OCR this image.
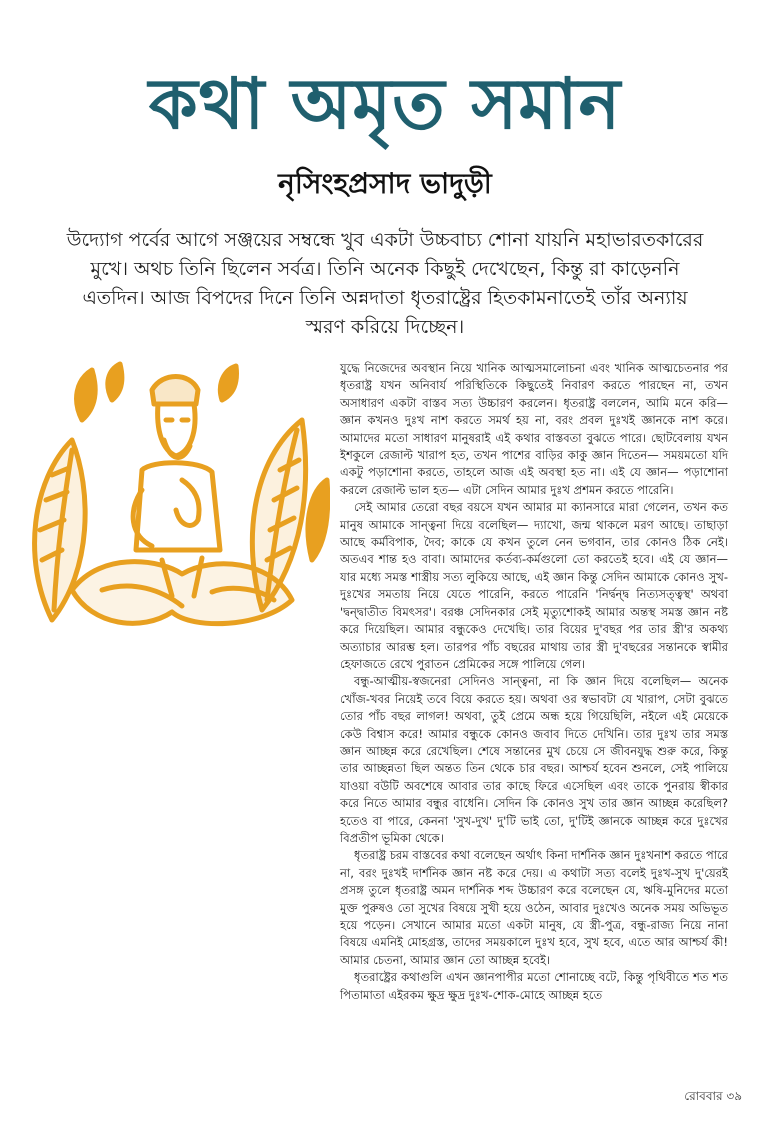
কথা অমৃত সমান
নৃসিংহপ্রসাদ ভাদুড়ী
উদ্যোগ পর্বের আগে সঞ্জয়ের সম্বন্ধে খুব একটা উচ্চবাচ্য শোনা যায়নি মহাভারতকারের মুখে। অথচ তিনি ছিলেন সর্বত্র। তিনি অনেক কিছুই দেখেছেন, কিন্তু রা কাড়েননি এতদিন। আজ বিপদের দিনে তিনি অন্নদাতা ধৃতরাষ্ট্রের হিতকামনাতেই তাঁর অন্যায় স্মরণ করিয়ে দিচ্ছেন।

যুদ্ধে নিজেদের অবস্থান নিয়ে খানিক আত্মসমালোচনা এবং খানিক আত্মচেতনার পর ধৃতরাষ্ট্র যখন অনিবার্য পরিস্থিতিকে কিছুতেই নিবারণ করতে পারছেন না, তখন অসাধারণ একটা বাস্তব সত্য উচ্চারণ করলেন। ধৃতরাষ্ট্র বললেন, আমি মনে করি— জ্ঞান কখনও দুঃখ নাশ করতে সমর্থ হয় না, বরং প্রবল দুঃখই জ্ঞানকে নাশ করে। আমাদের মতো সাধারণ মানুষরাই এই কথার বাস্তবতা বুঝতে পারে। ছোটবেলায় যখন ইশকুলে রেজাল্ট খারাপ হত, তখন পাশের বাড়ির কাকু জ্ঞান দিতেন— সময়মতো যদি একটু পড়াশোনা করতে, তাহলে আজ এই অবস্থা হত না। এই যে জ্ঞান— পড়াশোনা করলে রেজাল্ট ভাল হত— এটা সেদিন আমার দুঃখ প্রশমন করতে পারেনি।

সেই আমার তেরো বছর বয়সে যখন আমার মা ক্যানসারে মারা গেলেন, তখন কত মানুষ আমাকে সান্ত্বনা দিয়ে বলেছিল— দ্যাখো, জন্ম থাকলে মরণ আছে। তাছাড়া আছে কর্মবিপাক, দৈব; কাকে যে কখন তুলে নেন ভগবান, তার কোনও ঠিক নেই। অতএব শান্ত হও বাবা। আমাদের কর্তব্য-কর্মগুলো তো করতেই হবে। এই যে জ্ঞান— যার মধ্যে সমস্ত শাস্ত্রীয় সত্য লুকিয়ে আছে, এই জ্ঞান কিন্তু সেদিন আমাকে কোনও সুখ-দুঃখের সমতায় নিয়ে যেতে পারেনি, করতে পারেনি 'নির্দ্বন্দ্ব নিত্যসত্ত্বস্থ' অথবা 'দ্বন্দ্বাতীত বিমৎসর'। বরঞ্চ সেদিনকার সেই মৃত্যুশোকই আমার অন্তস্থ সমস্ত জ্ঞান নষ্ট করে দিয়েছিল। আমার বন্ধুকেও দেখেছি। তার বিয়ের দু'বছর পর তার স্ত্রী'র অকথ্য অত্যাচার আরম্ভ হল। তারপর পাঁচ বছরের মাথায় তার স্ত্রী দু'বছরের সন্তানকে স্বামীর হেফাজতে রেখে পুরাতন প্রেমিকের সঙ্গে পালিয়ে গেল।

বন্ধু-আত্মীয়-স্বজনেরা সেদিনও সান্ত্বনা, না কি জ্ঞান দিয়ে বলেছিল— অনেক খোঁজ-খবর নিয়েই তবে বিয়ে করতে হয়। অথবা ওর স্বভাবটা যে খারাপ, সেটা বুঝতে তোর পাঁচ বছর লাগল! অথবা, তুই প্রেমে অন্ধ হয়ে গিয়েছিলি, নইলে এই মেয়েকে কেউ বিশ্বাস করে! আমার বন্ধুকে কোনও জবাব দিতে দেখিনি। তার দুঃখ তার সমস্ত জ্ঞান আচ্ছন্ন করে রেখেছিল। শেষে সন্তানের মুখ চেয়ে সে জীবনযুদ্ধ শুরু করে, কিন্তু তার আচ্ছন্নতা ছিল অন্তত তিন থেকে চার বছর। আশ্চর্য হবেন শুনলে, সেই পালিয়ে যাওয়া বউটি অবশেষে আবার তার কাছে ফিরে এসেছিল এবং তাকে পুনরায় স্বীকার করে নিতে আমার বন্ধুর বাধেনি। সেদিন কি কোনও সুখ তার জ্ঞান আচ্ছন্ন করেছিল? হতেও বা পারে, কেননা 'সুখ-দুখ' দু'টি ভাই তো, দু'টিই জ্ঞানকে আচ্ছন্ন করে দুঃখের বিপ্রতীপ ভূমিকা থেকে।

ধৃতরাষ্ট্র চরম বাস্তবের কথা বলেছেন অর্থাৎ কিনা দার্শনিক জ্ঞান দুঃখনাশ করতে পারে না, বরং দুঃখই দার্শনিক জ্ঞান নষ্ট করে দেয়। এ কথাটা সত্য বলেই দুঃখ-সুখ দু'য়েরই প্রসঙ্গ তুলে ধৃতরাষ্ট্র অমন দার্শনিক শব্দ উচ্চারণ করে বলেছেন যে, ঋষি-মুনিদের মতো মুক্ত পুরুষও তো সুখের বিষয়ে সুখী হয়ে ওঠেন, আবার দুঃখেও অনেক সময় অভিভূত হয়ে পড়েন। সেখানে আমার মতো একটা মানুষ, যে স্ত্রী-পুত্র, বন্ধু-রাজ্য নিয়ে নানা বিষয়ে এমনিই মোহগ্রস্ত, তাদের সময়কালে দুঃখ হবে, সুখ হবে, এতে আর আশ্চর্য কী! আমার চেতনা, আমার জ্ঞান তো আচ্ছন্ন হবেই।

ধৃতরাষ্ট্রের কথাগুলি এখন জ্ঞানপাপীর মতো শোনাচ্ছে বটে, কিন্তু পৃথিবীতে শত শত পিতামাতা এইরকম ক্ষুদ্র ক্ষুদ্র দুঃখ-শোক-মোহে আচ্ছন্ন হতে

রোববার ৩৯
